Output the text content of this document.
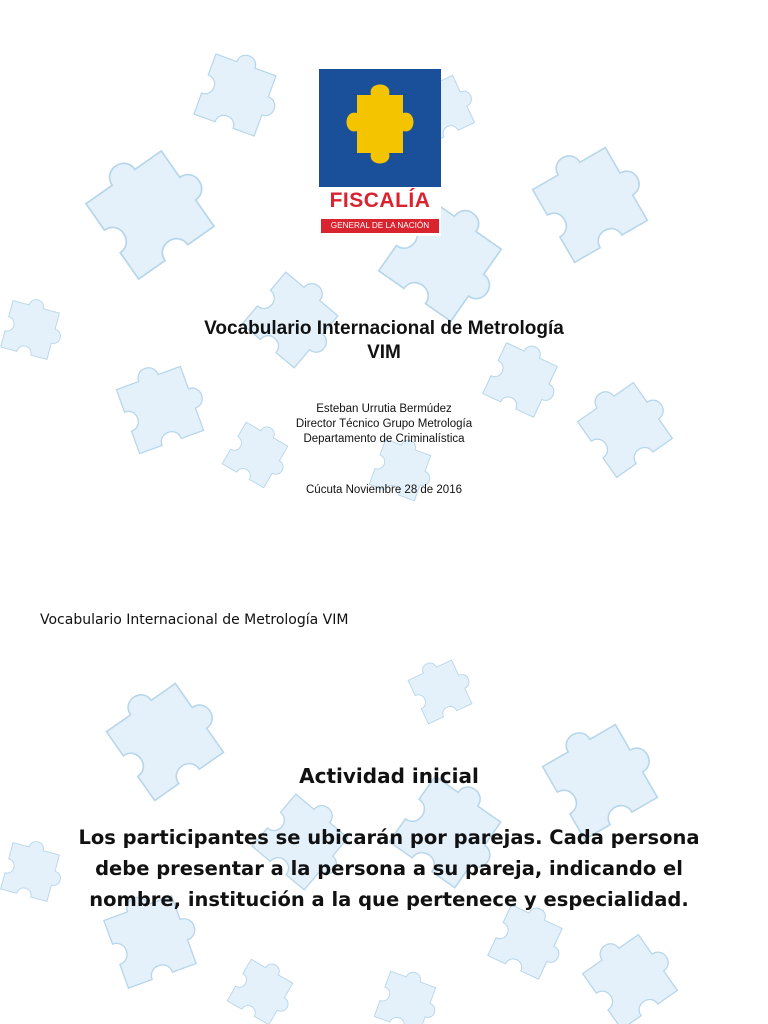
FISCALÍA
GENERAL DE LA NACIÓN
Vocabulario Internacional de Metrología
VIM
Esteban Urrutia Bermúdez
Director Técnico Grupo Metrología
Departamento de Criminalística
Cúcuta Noviembre 28 de 2016
Vocabulario Internacional de Metrología VIM
Actividad inicial
Los participantes se ubicarán por parejas. Cada persona
debe presentar a la persona a su pareja, indicando el
nombre, institución a la que pertenece y especialidad.
